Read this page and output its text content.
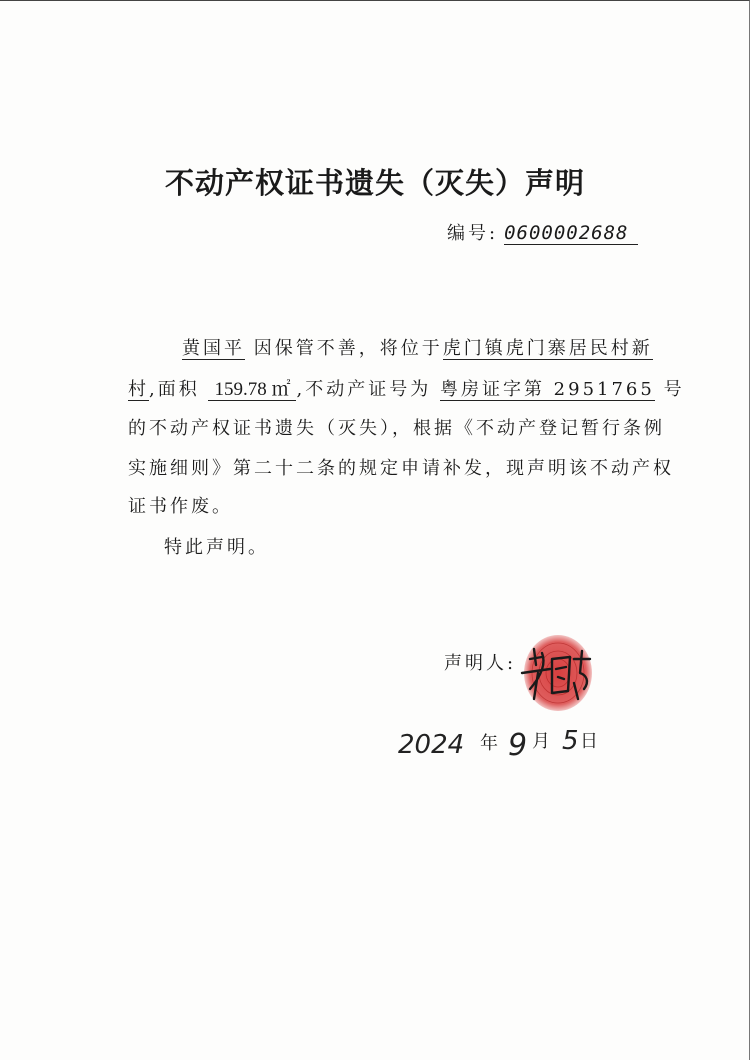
不动产权证书遗失（灭失）声明
编号: 0600002688
黄国平 因保管不善，将位于虎门镇虎门寨居民村新
村,面积 159.78 ㎡ ,不动产证号为 粤房证字第 2951765 号
的不动产权证书遗失（灭失），根据《不动产登记暂行条例
实施细则》第二十二条的规定申请补发，现声明该不动产权
证书作废。
特此声明。
声明人:
2024 年 9 月 5 日
